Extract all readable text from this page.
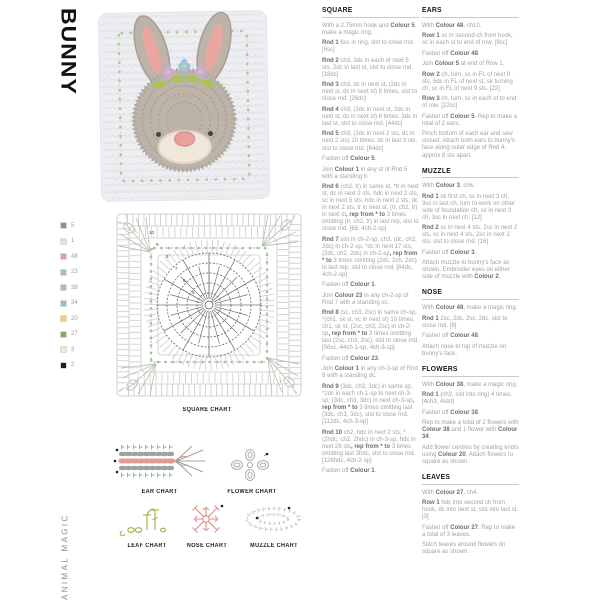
BUNNY
5
1
48
23
38
34
20
27
3
2
10
9
8
7
6
5
1
SQUARE CHART
EAR CHART	FLOWER CHART
LEAF CHART	NOSE CHART	MUZZLE CHART
SQUARE

With a 2.75mm hook and Colour 5, make a magic ring.

Rnd 1 6sc in ring, slst to close rnd. [6sc]

Rnd 2 ch3, 3dc in each of next 5 sts, 2dc in last st, slst to close rnd. [18dc]

Rnd 3 ch3, dc in next st, (2dc in next st, dc in next st) 8 times, slst to close rnd. [26dc]

Rnd 4 ch3, (2dc in next st, 2dc in next st, dc in next st) 8 times, 3dc in last st, slst to close rnd. [44dc]

Rnd 5 ch3, (2dc in next 2 sts, dc in next 2 sts) 10 times, dc in last 3 sts, slst to close rnd. [64dc]

Fasten off Colour 5.

Join Colour 1 in any st of Rnd 5 with a standing tr.

Rnd 6 (ch2, tr) in same st, *tr in next st, dc in next 2 sts, hdc in next 2 sts, sc in next 5 sts, hdc in next 2 sts, dc in next 2 sts, tr in next st, (tr, ch2, tr) in next st, rep from * to 3 times omitting (tr, ch2, tr) in last rep, slst to close rnd. [68, 4ch-2-sp]

Rnd 7 slst in ch-2-sp, ch3, (dc, ch2, 2dc) in ch-2-sp, *dc in next 17 sts, (2dc, ch2, 2dc) in ch-2-sp, rep from * to 3 times omitting (2dc, 2ch, 2dc) in last rep, slst to close rnd. [84dc, 4ch-2-sp]

Fasten off Colour 1.

Join Colour 23 in any ch-2-sp of Rnd 7 with a standing sc.

Rnd 8 (sc, ch3, 2sc) in same ch-sp, *(ch1, sk st, sc in next st) 10 times, ch1, sk st, (2sc, ch3, 2sc) in ch-2-sp, rep from * to 3 times omitting last (2sc, ch3, 2sc), slst to close rnd. [56sc, 44ch-1-sp, 4ch-3-sp]

Fasten off Colour 23.

Join Colour 1 in any ch-3-sp of Rnd 8 with a standing dc.

Rnd 9 (3dc, ch3, 3dc) in same sp, *2dc in each ch-1-sp to next ch-3-sp, (3dc, ch3, 3dc) in next ch-3-sp, rep from * to 3 times omitting last (3dc, ch3, 3dc), slst to close rnd. [112dc, 4ch-3-sp]

Rnd 10 ch2, hdc in next 2 sts, *(2hdc, ch2, 2hdc) in ch-3-sp, hdc in next 28 sts, rep from * to 3 times omitting last 3hdc, slst to close rnd. [128hdc, 4ch-2-sp]

Fasten off Colour 1.

EARS

With Colour 48, ch10.

Row 1 sc in second ch from hook, sc in each st to end of row. [9sc]

Fasten off Colour 48.

Join Colour 5 at end of Row 1.

Row 2 ch, turn, sc in FL of next 8 sts, 5dc in FL of next st, sk turning ch, sc in FL of next 9 sts. [22]

Row 3 ch, turn, sc in each st to end of row. [22sc]

Fasten off Colour 5. Rep to make a total of 2 ears.

Pinch bottom of each ear and sew closed. Attach both ears to bunny's face along outer edge of Rnd 4, approx 8 sts apart.

MUZZLE

With Colour 3, ch6.

Rnd 1 sk first ch, sc in next 3 ch, 3sc in last ch, turn to work on other side of foundation ch, sc in next 3 ch, 3sc in next ch. [12]

Rnd 2 sc in next 4 sts, 2sc in next 2 sts, sc in next 4 sts, 2sc in next 2 sts, slst to close rnd. [16]

Fasten off Colour 3.

Attach muzzle to bunny's face as shown. Embroider eyes on either side of muzzle with Colour 2.

NOSE

With Colour 48, make a magic ring.

Rnd 1 2sc, 2dc, 2sc, 2dc, slst to close rnd. [8]

Fasten off Colour 48.

Attach nose to top of muzzle on bunny's face.

FLOWERS

With Colour 38, make a magic ring.

Rnd 1 (ch3, slst into ring) 4 times. [4ch3, 4slst]

Fasten off Colour 38.

Rep to make a total of 2 flowers with Colour 38 and 1 flower with Colour 34.

Add flower centres by creating knots using Colour 20. Attach flowers to square as shown.

LEAVES

With Colour 27, ch4.

Row 1 hdc into second ch from hook, dc into next st, slst into last st. [3]

Fasten off Colour 27. Rep to make a total of 3 leaves.

Stitch leaves around flowers on square as shown.

ANIMAL MAGIC
